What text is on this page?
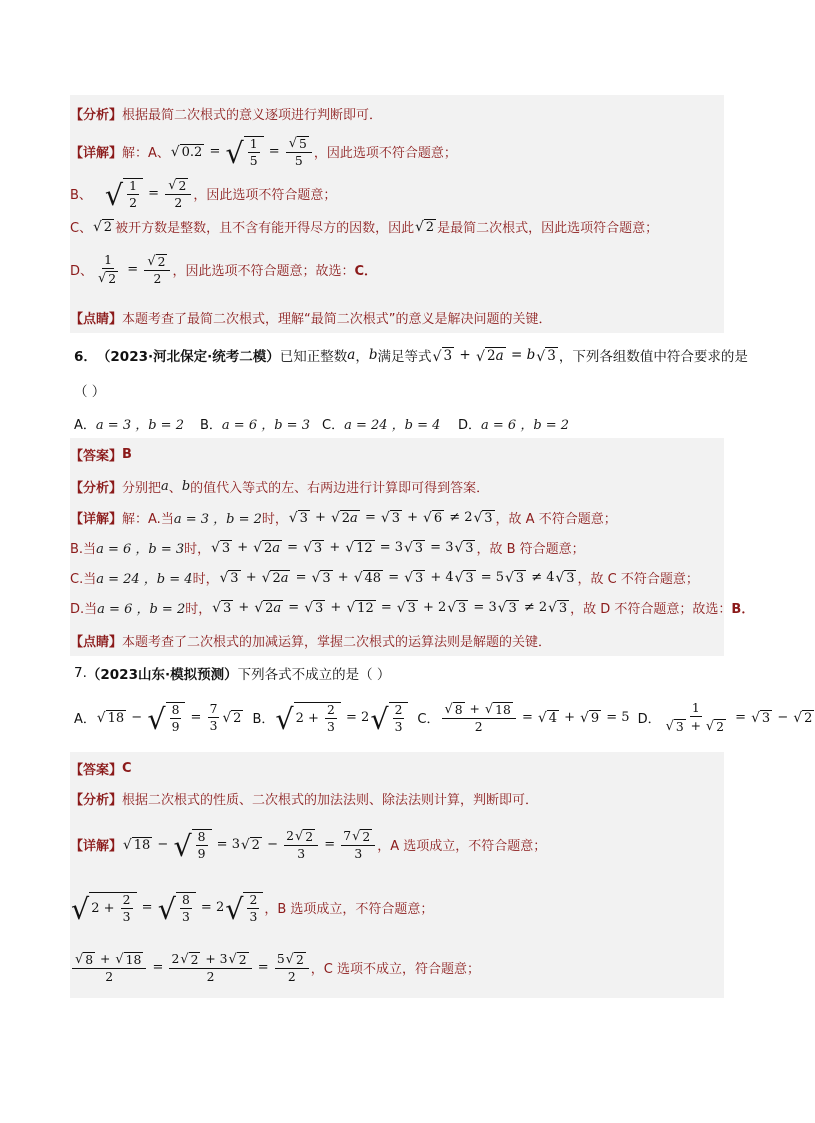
【分析】 根据最简二次根式的意义逐项进行判断即可．
【详解】 解：A、 √ 0.2 = √ 1
5
= $\frac{√ 5}{5}$ ，因此选项不符合题意；
B、 √ 1
2
= $\frac{√ 2}{2}$ ，因此选项不符合题意；
C、 √ 2 被开方数是整数，且不含有能开得尽方的因数，因此 √ 2 是最简二次根式，因此选项符合题意；
D、 $\frac{1}{√ 2} = \frac{√ 2}{2}$ ，因此选项不符合题意；故选： C．
【点睛】 本题考查了最简二次根式，理解“最简二次根式”的意义是解决问题的关键．
6． （2023·河北保定·统考二模） 已知正整数 a ， b 满足等式 √ 3 + √ 2 a = b √ 3 ，下列各组数值中符合要求的是
（ ）
A． a = 3 ，b = 2 B． a = 6 ，b = 3 C． a = 24 ，b = 4 D． a = 6 ，b = 2
【答案】 B
【分析】 分别把 a 、 b 的值代入等式的左、右两边进行计算即可得到答案．
【详解】 解：A.当 a = 3 ，b = 2 时， √ 3 + √ 2 a = √ 3 + √ 6 ≠ 2 √ 3 ，故 A 不符合题意；
B.当 a = 6 ，b = 3 时， √ 3 + √ 2 a = √ 3 + √ 12 = 3 √ 3 = 3 √ 3 ，故 B 符合题意；
C.当 a = 24 ，b = 4 时， √ 3 + √ 2 a = √ 3 + √ 48 = √ 3 + 4 √ 3 = 5 √ 3 ≠ 4 √ 3 ，故 C 不符合题意；
D.当 a = 6 ，b = 2 时， √ 3 + √ 2 a = √ 3 + √ 12 = √ 3 + 2 √ 3 = 3 √ 3 ≠ 2 √ 3 ，故 D 不符合题意；故选： B．
【点睛】 本题考查了二次根式的加减运算，掌握二次根式的运算法则是解题的关键．
7. （2023山东·模拟预测） 下列各式不成立的是（ ）
A． √ 18 − √ 8
9
=
7
3 √ 2 B． √ 2 +
2
3
= 2 √ 2
3 C．
√ 8 + √ 18
2
= √ 4 + √ 9 = 5 D．
1
√ 3 + √ 2
= √ 3 − √ 2
【答案】 C
【分析】 根据二次根式的性质、二次根式的加法法则、除法法则计算，判断即可．
【详解】 √ 18 − √ 8
9
= 3 √ 2 −
2 √ 2
3
=
7 √ 2
3 ，A 选项成立，不符合题意；
√ 2 +
2
3
= √ 8
3
= 2 √ 2
3 ，B 选项成立，不符合题意；
√ 8 + √ 18
2
=
2 √ 2 + 3 √ 2
2
=
5 √ 2
2 ，C 选项不成立，符合题意；
